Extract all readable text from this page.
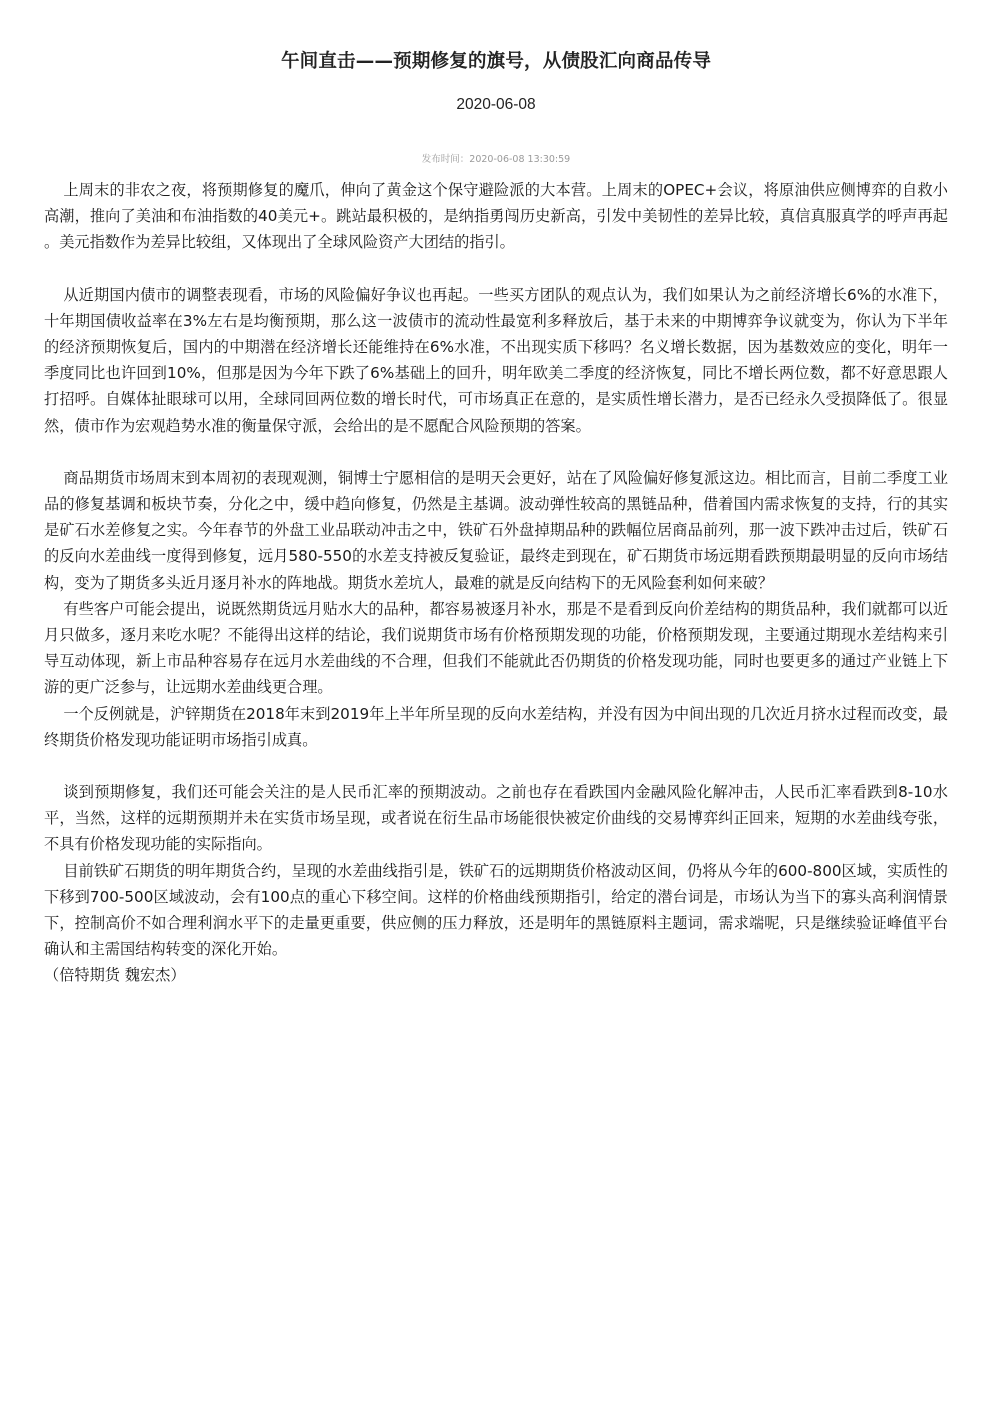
午间直击——预期修复的旗号，从债股汇向商品传导
2020-06-08
发布时间：2020-06-08 13:30:59

上周末的非农之夜，将预期修复的魔爪，伸向了黄金这个保守避险派的大本营。上周末的OPEC+会议，将原油供应侧博弈的自救小高潮，推向了美油和布油指数的40美元+。跳站最积极的，是纳指勇闯历史新高，引发中美韧性的差异比较，真信真服真学的呼声再起。美元指数作为差异比较组，又体现出了全球风险资产大团结的指引。

从近期国内债市的调整表现看，市场的风险偏好争议也再起。一些买方团队的观点认为，我们如果认为之前经济增长6%的水准下，十年期国债收益率在3%左右是均衡预期，那么这一波债市的流动性最宽利多释放后，基于未来的中期博弈争议就变为，你认为下半年的经济预期恢复后，国内的中期潜在经济增长还能维持在6%水准，不出现实质下移吗？名义增长数据，因为基数效应的变化，明年一季度同比也许回到10%，但那是因为今年下跌了6%基础上的回升，明年欧美二季度的经济恢复，同比不增长两位数，都不好意思跟人打招呼。自媒体扯眼球可以用，全球同回两位数的增长时代，可市场真正在意的，是实质性增长潜力，是否已经永久受损降低了。很显然，债市作为宏观趋势水准的衡量保守派，会给出的是不愿配合风险预期的答案。

商品期货市场周末到本周初的表现观测，铜博士宁愿相信的是明天会更好，站在了风险偏好修复派这边。相比而言，目前二季度工业品的修复基调和板块节奏，分化之中，缓中趋向修复，仍然是主基调。波动弹性较高的黑链品种，借着国内需求恢复的支持，行的其实是矿石水差修复之实。今年春节的外盘工业品联动冲击之中，铁矿石外盘掉期品种的跌幅位居商品前列，那一波下跌冲击过后，铁矿石的反向水差曲线一度得到修复，远月580-550的水差支持被反复验证，最终走到现在，矿石期货市场远期看跌预期最明显的反向市场结构，变为了期货多头近月逐月补水的阵地战。期货水差坑人，最难的就是反向结构下的无风险套利如何来破？

有些客户可能会提出，说既然期货远月贴水大的品种，都容易被逐月补水，那是不是看到反向价差结构的期货品种，我们就都可以近月只做多，逐月来吃水呢？不能得出这样的结论，我们说期货市场有价格预期发现的功能，价格预期发现，主要通过期现水差结构来引导互动体现，新上市品种容易存在远月水差曲线的不合理，但我们不能就此否仍期货的价格发现功能，同时也要更多的通过产业链上下游的更广泛参与，让远期水差曲线更合理。

一个反例就是，沪锌期货在2018年末到2019年上半年所呈现的反向水差结构，并没有因为中间出现的几次近月挤水过程而改变，最终期货价格发现功能证明市场指引成真。

谈到预期修复，我们还可能会关注的是人民币汇率的预期波动。之前也存在看跌国内金融风险化解冲击，人民币汇率看跌到8-10水平，当然，这样的远期预期并未在实货市场呈现，或者说在衍生品市场能很快被定价曲线的交易博弈纠正回来，短期的水差曲线夸张，不具有价格发现功能的实际指向。

目前铁矿石期货的明年期货合约，呈现的水差曲线指引是，铁矿石的远期期货价格波动区间，仍将从今年的600-800区域，实质性的下移到700-500区域波动，会有100点的重心下移空间。这样的价格曲线预期指引，给定的潜台词是，市场认为当下的寡头高利润情景下，控制高价不如合理利润水平下的走量更重要，供应侧的压力释放，还是明年的黑链原料主题词，需求端呢，只是继续验证峰值平台确认和主需国结构转变的深化开始。

（倍特期货 魏宏杰）
